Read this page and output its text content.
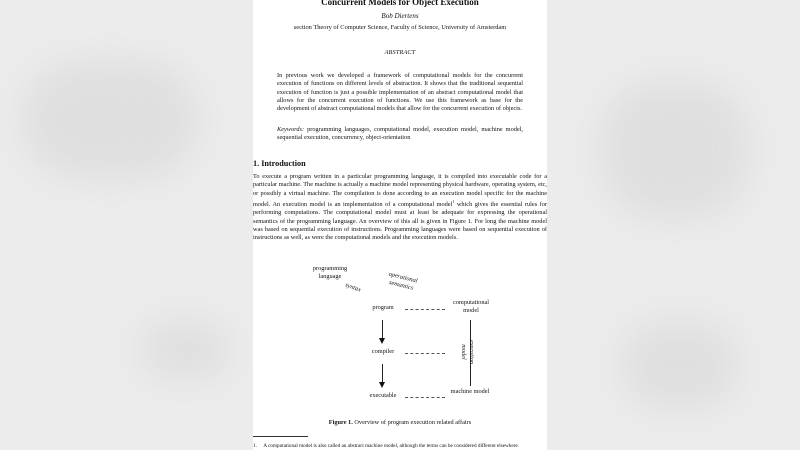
Concurrent Models for Object Execution

Bob Diertens

section Theory of Computer Science, Faculty of Science, University of Amsterdam

ABSTRACT

In previous work we developed a framework of computational models for the concurrent execution of functions on different levels of abstraction. It shows that the traditional sequential execution of function is just a possible implementation of an abstract computational model that allows for the concurrent execution of functions. We use this framework as base for the development of abstract computational models that allow for the concurrent execution of objects.

Keywords: programming languages, computational model, execution model, machine model, sequential execution, concurrency, object-orientation

1. Introduction

To execute a program written in a particular programming language, it is compiled into executable code for a particular machine. The machine is actually a machine model representing physical hardware, operating system, etc, or possibly a virtual machine. The compilation is done according to an execution model specific for the machine model. An execution model is an implementation of a computational model$^1$ which gives the essential rules for performing computations. The computational model must at least be adequate for expressing the operational semantics of the programming language. An overview of this all is given in Figure 1. For long the machine model was based on sequential execution of instructions. Programming languages were based on sequential execution of instructions as well, as were the computational models and the execution models.

programming language
syntax
operational semantics
program
computational model
compiler	execution model
executable
machine model

Figure 1. Overview of program execution related affairs

1. A computational model is also called an abstract machine model, although the terms can be considered different elsewhere.
